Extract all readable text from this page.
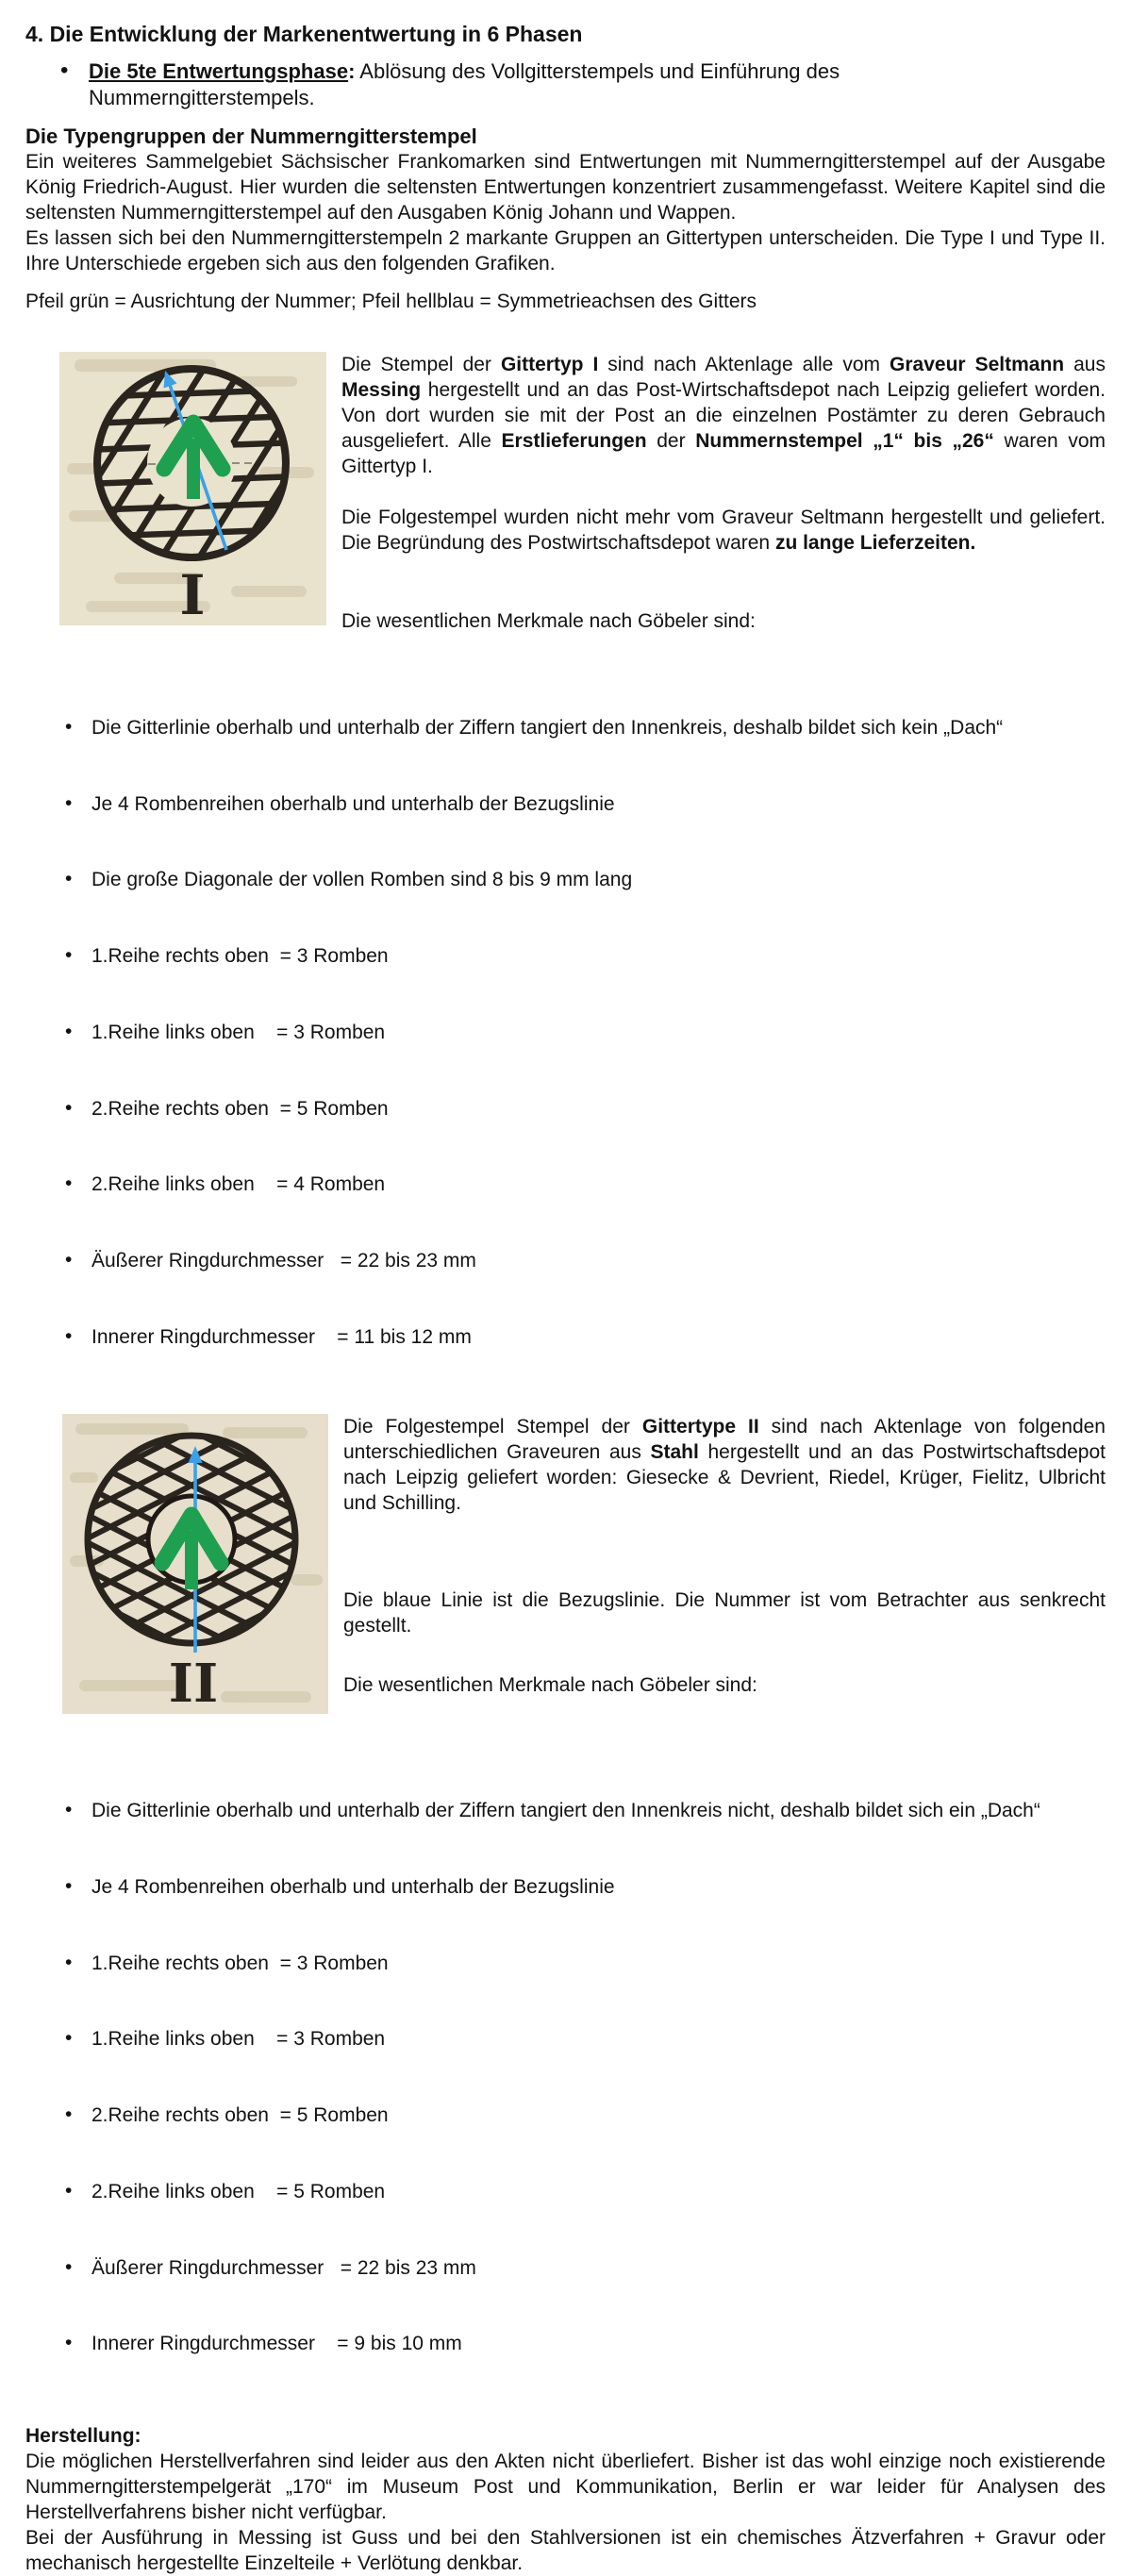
4. Die Entwicklung der Markenentwertung in 6 Phasen
• Die 5te Entwertungsphase: Ablösung des Vollgitterstempels und Einführung des Nummerngitterstempels.
Die Typengruppen der Nummerngitterstempel

Ein weiteres Sammelgebiet Sächsischer Frankomarken sind Entwertungen mit Nummerngitterstempel auf der Ausgabe König Friedrich-August. Hier wurden die seltensten Entwertungen konzentriert zusammengefasst. Weitere Kapitel sind die seltensten Nummerngitterstempel auf den Ausgaben König Johann und Wappen.

Es lassen sich bei den Nummerngitterstempeln 2 markante Gruppen an Gittertypen unterscheiden. Die Type I und Type II. Ihre Unterschiede ergeben sich aus den folgenden Grafiken.

Pfeil grün = Ausrichtung der Nummer; Pfeil hellblau = Symmetrieachsen des Gitters

I

Die Stempel der Gittertyp I sind nach Aktenlage alle vom Graveur Seltmann aus Messing hergestellt und an das Post-Wirtschaftsdepot nach Leipzig geliefert worden. Von dort wurden sie mit der Post an die einzelnen Postämter zu deren Gebrauch ausgeliefert. Alle Erstlieferungen der Nummernstempel „1“ bis „26“ waren vom Gittertyp I.

Die Folgestempel wurden nicht mehr vom Graveur Seltmann hergestellt und geliefert. Die Begründung des Postwirtschaftsdepot waren zu lange Lieferzeiten.

Die wesentlichen Merkmale nach Göbeler sind:

• Die Gitterlinie oberhalb und unterhalb der Ziffern tangiert den Innenkreis, deshalb bildet sich kein „Dach“

• Je 4 Rombenreihen oberhalb und unterhalb der Bezugslinie

• Die große Diagonale der vollen Romben sind 8 bis 9 mm lang

• 1.Reihe rechts oben  = 3 Romben

• 1.Reihe links oben    = 3 Romben

• 2.Reihe rechts oben  = 5 Romben

• 2.Reihe links oben    = 4 Romben

• Äußerer Ringdurchmesser   = 22 bis 23 mm

• Innerer Ringdurchmesser    = 11 bis 12 mm

II

Die Folgestempel Stempel der Gittertype II sind nach Aktenlage von folgenden unterschiedlichen Graveuren aus Stahl hergestellt und an das Postwirtschaftsdepot nach Leipzig geliefert worden: Giesecke & Devrient, Riedel, Krüger, Fielitz, Ulbricht und Schilling.

Die blaue Linie ist die Bezugslinie. Die Nummer ist vom Betrachter aus senkrecht gestellt.

Die wesentlichen Merkmale nach Göbeler sind:

• Die Gitterlinie oberhalb und unterhalb der Ziffern tangiert den Innenkreis nicht, deshalb bildet sich ein „Dach“

• Je 4 Rombenreihen oberhalb und unterhalb der Bezugslinie

• 1.Reihe rechts oben  = 3 Romben

• 1.Reihe links oben    = 3 Romben

• 2.Reihe rechts oben  = 5 Romben

• 2.Reihe links oben    = 5 Romben

• Äußerer Ringdurchmesser   = 22 bis 23 mm

• Innerer Ringdurchmesser    = 9 bis 10 mm

Herstellung:

Die möglichen Herstellverfahren sind leider aus den Akten nicht überliefert. Bisher ist das wohl einzige noch existierende Nummerngitterstempelgerät „170“ im Museum Post und Kommunikation, Berlin er war leider für Analysen des Herstellverfahrens bisher nicht verfügbar.

Bei der Ausführung in Messing ist Guss und bei den Stahlversionen ist ein chemisches Ätzverfahren + Gravur oder mechanisch hergestellte Einzelteile + Verlötung denkbar.
